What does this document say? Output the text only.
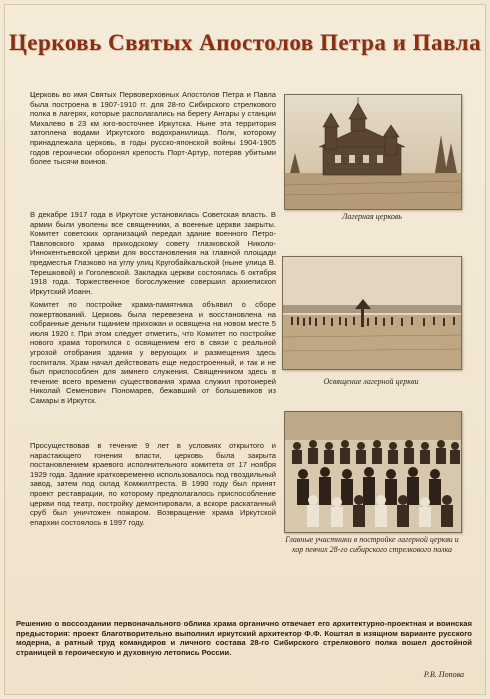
Церковь Святых Апостолов Петра и Павла

Церковь во имя Святых Первоверховных Апостолов Петра и Павла была построена в 1907-1910 гг. для 28-го Сибирского стрелкового полка в лагерях, которые располагались на берегу Ангары у станции Михалево в 23 км юго-восточнее Иркутска. Ныне эта территория затоплена водами Иркутского водохранилища. Полк, которому принадлежала церковь, в годы русско-японской войны 1904-1905 годов героически оборонял крепость Порт-Артур, потеряв убитыми более тысячи воинов.

В декабре 1917 года в Иркутске установилась Советская власть. В армии были уволены все священники, а военные церкви закрыты. Комитет советских организаций передал здание военного Петро-Павловского храма приходскому совету глазковской Николо-Иннокентьевской церкви для восстановления на главной площади предместья Глазково на углу улиц Кругобайкальской (ныне улица В. Терешковой) и Гоголевской. Закладка церкви состоялась 6 октября 1918 года. Торжественное богослужение совершил архиепископ Иркутский Иоанн.

Комитет по постройке храма-памятника объявил о сборе пожертвований. Церковь была перевезена и восстановлена на собранные деньги тщанием прихожан и освящена на новом месте 5 июля 1920 г. При этом следует отметить, что Комитет по постройке нового храма торопился с освящением его в связи с реальной угрозой отобрания здания у верующих и размещения здесь госпиталя. Храм начал действовать еще недостроенный, и так и не был приспособлен для зимнего служения. Священником здесь в течение всего времени существования храма служил протоиерей Николай Семенович Пономарев, бежавший от большевиков из Самары в Иркутск.

Просуществовав в течение 9 лет в условиях открытого и нарастающего гонения власти, церковь была закрыта постановлением краевого исполнительного комитета от 17 ноября 1929 года. Здание кратковременно использовалось под гвоздильный завод, затем под склад Комжилтреста. В 1990 году был принят проект реставрации, по которому предполагалось приспособление церкви под театр, постройку демонтировали, а вскоре раскатанный сруб был уничтожен пожаром. Возвращение храма Иркутской епархии состоялось в 1997 году.

Лагерная церковь
Освящение лагерной церкви
Главные участники в постройке лагерной церкви и хор певчих 28-го сибирского стрелкового полка

Решению о воссоздании первоначального облика храма органично отвечает его архитектурно-проектная и воинская предыстория: проект благотворительно выполнил иркутский архитектор Ф.Ф. Коштял в изящном варианте русского модерна, а ратный труд командиров и личного состава 28-го Сибирского стрелкового полка вошел достойной страницей в героическую и духовную летопись России.

Р.В. Попова
